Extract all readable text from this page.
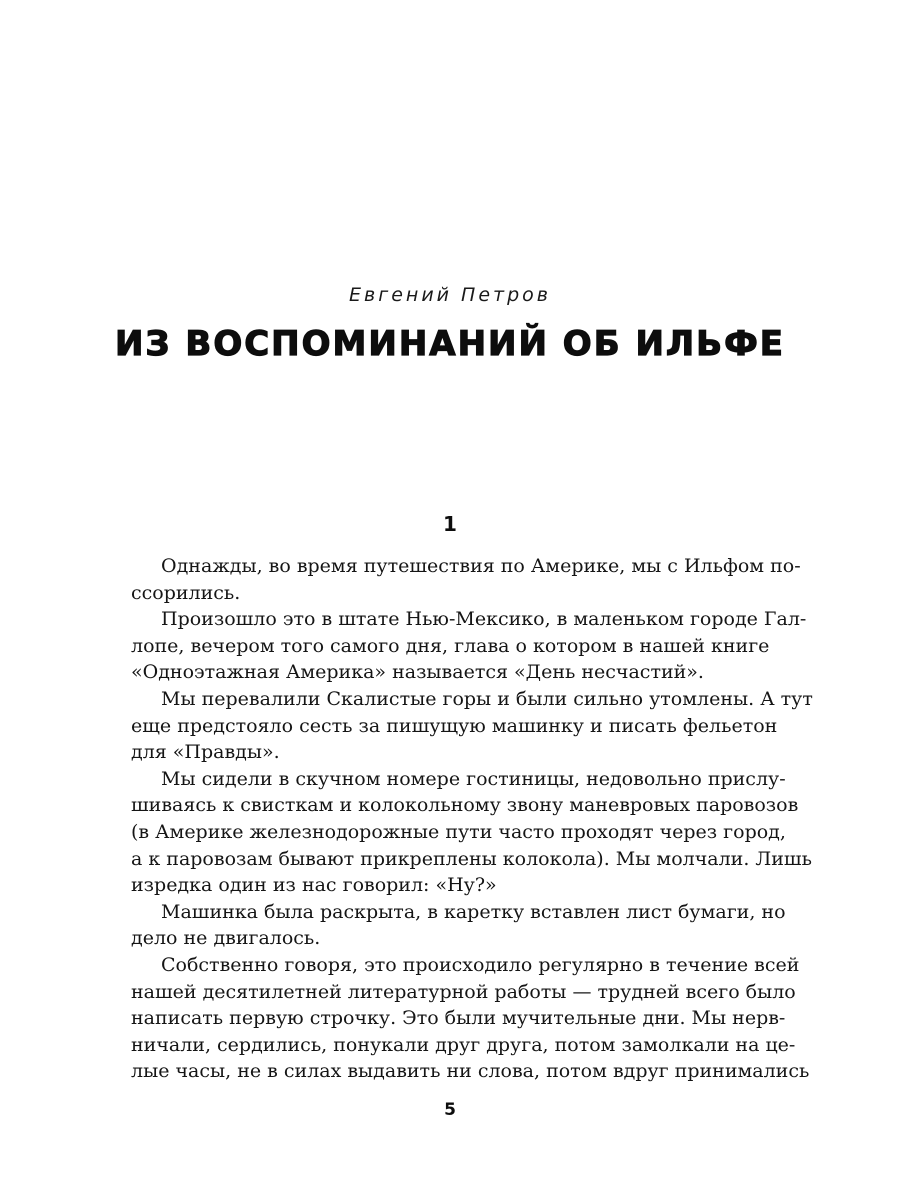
Евгений Петров
ИЗ ВОСПОМИНАНИЙ ОБ ИЛЬФЕ
1

Однажды, во время путешествия по Америке, мы с Ильфом по-
ссорились.

Произошло это в штате Нью-Мексико, в маленьком городе Гал-
лопе, вечером того самого дня, глава о котором в нашей книге
«Одноэтажная Америка» называется «День несчастий».

Мы перевалили Скалистые горы и были сильно утомлены. А тут
еще предстояло сесть за пишущую машинку и писать фельетон
для «Правды».

Мы сидели в скучном номере гостиницы, недовольно прислу-
шиваясь к свисткам и колокольному звону маневровых паровозов
(в Америке железнодорожные пути часто проходят через город,
а к паровозам бывают прикреплены колокола). Мы молчали. Лишь
изредка один из нас говорил: «Ну?»

Машинка была раскрыта, в каретку вставлен лист бумаги, но
дело не двигалось.

Собственно говоря, это происходило регулярно в течение всей
нашей десятилетней литературной работы — трудней всего было
написать первую строчку. Это были мучительные дни. Мы нерв-
ничали, сердились, понукали друг друга, потом замолкали на це-
лые часы, не в силах выдавить ни слова, потом вдруг принимались

5
